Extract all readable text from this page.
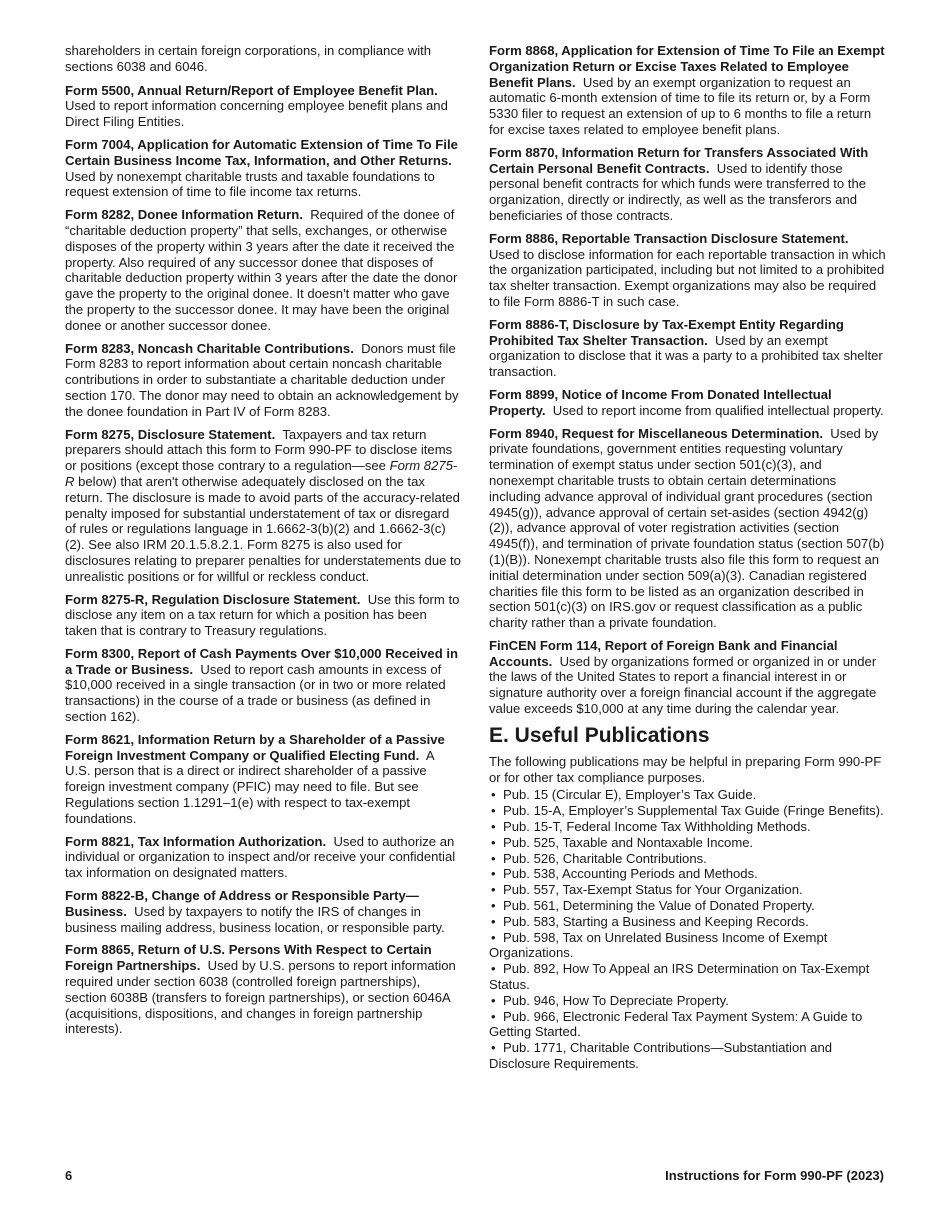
shareholders in certain foreign corporations, in compliance with sections 6038 and 6046.

Form 5500, Annual Return/Report of Employee Benefit Plan.  Used to report information concerning employee benefit plans and Direct Filing Entities.

Form 7004, Application for Automatic Extension of Time To File Certain Business Income Tax, Information, and Other Returns.  Used by nonexempt charitable trusts and taxable foundations to request extension of time to file income tax returns.

Form 8282, Donee Information Return. Required of the donee of “charitable deduction property” that sells, exchanges, or otherwise disposes of the property within 3 years after the date it received the property. Also required of any successor donee that disposes of charitable deduction property within 3 years after the date the donor gave the property to the original donee. It doesn't matter who gave the property to the successor donee. It may have been the original donee or another successor donee.

Form 8283, Noncash Charitable Contributions. Donors must file Form 8283 to report information about certain noncash charitable contributions in order to substantiate a charitable deduction under section 170. The donor may need to obtain an acknowledgement by the donee foundation in Part IV of Form 8283.

Form 8275, Disclosure Statement. Taxpayers and tax return preparers should attach this form to Form 990-PF to disclose items or positions (except those contrary to a regulation—see Form 8275-R below) that aren't otherwise adequately disclosed on the tax return. The disclosure is made to avoid parts of the accuracy-related penalty imposed for substantial understatement of tax or disregard of rules or regulations language in 1.6662-3(b)(2) and 1.6662-3(c)(2). See also IRM 20.1.5.8.2.1. Form 8275 is also used for disclosures relating to preparer penalties for understatements due to unrealistic positions or for willful or reckless conduct.

Form 8275-R, Regulation Disclosure Statement. Use this form to disclose any item on a tax return for which a position has been taken that is contrary to Treasury regulations.

Form 8300, Report of Cash Payments Over $10,000 Received in a Trade or Business. Used to report cash amounts in excess of $10,000 received in a single transaction (or in two or more related transactions) in the course of a trade or business (as defined in section 162).

Form 8621, Information Return by a Shareholder of a Passive Foreign Investment Company or Qualified Electing Fund. A U.S. person that is a direct or indirect shareholder of a passive foreign investment company (PFIC) may need to file. But see Regulations section 1.1291–1(e) with respect to tax-exempt foundations.

Form 8821, Tax Information Authorization. Used to authorize an individual or organization to inspect and/or receive your confidential tax information on designated matters.

Form 8822-B, Change of Address or Responsible Party—Business. Used by taxpayers to notify the IRS of changes in business mailing address, business location, or responsible party.

Form 8865, Return of U.S. Persons With Respect to Certain Foreign Partnerships. Used by U.S. persons to report information required under section 6038 (controlled foreign partnerships), section 6038B (transfers to foreign partnerships), or section 6046A (acquisitions, dispositions, and changes in foreign partnership interests).

Form 8868, Application for Extension of Time To File an Exempt Organization Return or Excise Taxes Related to Employee Benefit Plans. Used by an exempt organization to request an automatic 6-month extension of time to file its return or, by a Form 5330 filer to request an extension of up to 6 months to file a return for excise taxes related to employee benefit plans.

Form 8870, Information Return for Transfers Associated With Certain Personal Benefit Contracts. Used to identify those personal benefit contracts for which funds were transferred to the organization, directly or indirectly, as well as the transferors and beneficiaries of those contracts.

Form 8886, Reportable Transaction Disclosure Statement.  Used to disclose information for each reportable transaction in which the organization participated, including but not limited to a prohibited tax shelter transaction. Exempt organizations may also be required to file Form 8886-T in such case.

Form 8886-T, Disclosure by Tax-Exempt Entity Regarding Prohibited Tax Shelter Transaction. Used by an exempt organization to disclose that it was a party to a prohibited tax shelter transaction.

Form 8899, Notice of Income From Donated Intellectual Property. Used to report income from qualified intellectual property.

Form 8940, Request for Miscellaneous Determination. Used by private foundations, government entities requesting voluntary termination of exempt status under section 501(c)(3), and nonexempt charitable trusts to obtain certain determinations including advance approval of individual grant procedures (section 4945(g)), advance approval of certain set-asides (section 4942(g)(2)), advance approval of voter registration activities (section 4945(f)), and termination of private foundation status (section 507(b)(1)(B)). Nonexempt charitable trusts also file this form to request an initial determination under section 509(a)(3). Canadian registered charities file this form to be listed as an organization described in section 501(c)(3) on IRS.gov or request classification as a public charity rather than a private foundation.

FinCEN Form 114, Report of Foreign Bank and Financial Accounts. Used by organizations formed or organized in or under the laws of the United States to report a financial interest in or signature authority over a foreign financial account if the aggregate value exceeds $10,000 at any time during the calendar year.

E. Useful Publications

The following publications may be helpful in preparing Form 990-PF or for other tax compliance purposes.

• Pub. 15 (Circular E), Employer’s Tax Guide.
• Pub. 15-A, Employer’s Supplemental Tax Guide (Fringe Benefits).
• Pub. 15-T, Federal Income Tax Withholding Methods.
• Pub. 525, Taxable and Nontaxable Income.
• Pub. 526, Charitable Contributions.
• Pub. 538, Accounting Periods and Methods.
• Pub. 557, Tax-Exempt Status for Your Organization.
• Pub. 561, Determining the Value of Donated Property.
• Pub. 583, Starting a Business and Keeping Records.
• Pub. 598, Tax on Unrelated Business Income of Exempt Organizations.
• Pub. 892, How To Appeal an IRS Determination on Tax-Exempt Status.
• Pub. 946, How To Depreciate Property.
• Pub. 966, Electronic Federal Tax Payment System: A Guide to Getting Started.
• Pub. 1771, Charitable Contributions—Substantiation and Disclosure Requirements.
6	Instructions for Form 990-PF (2023)
